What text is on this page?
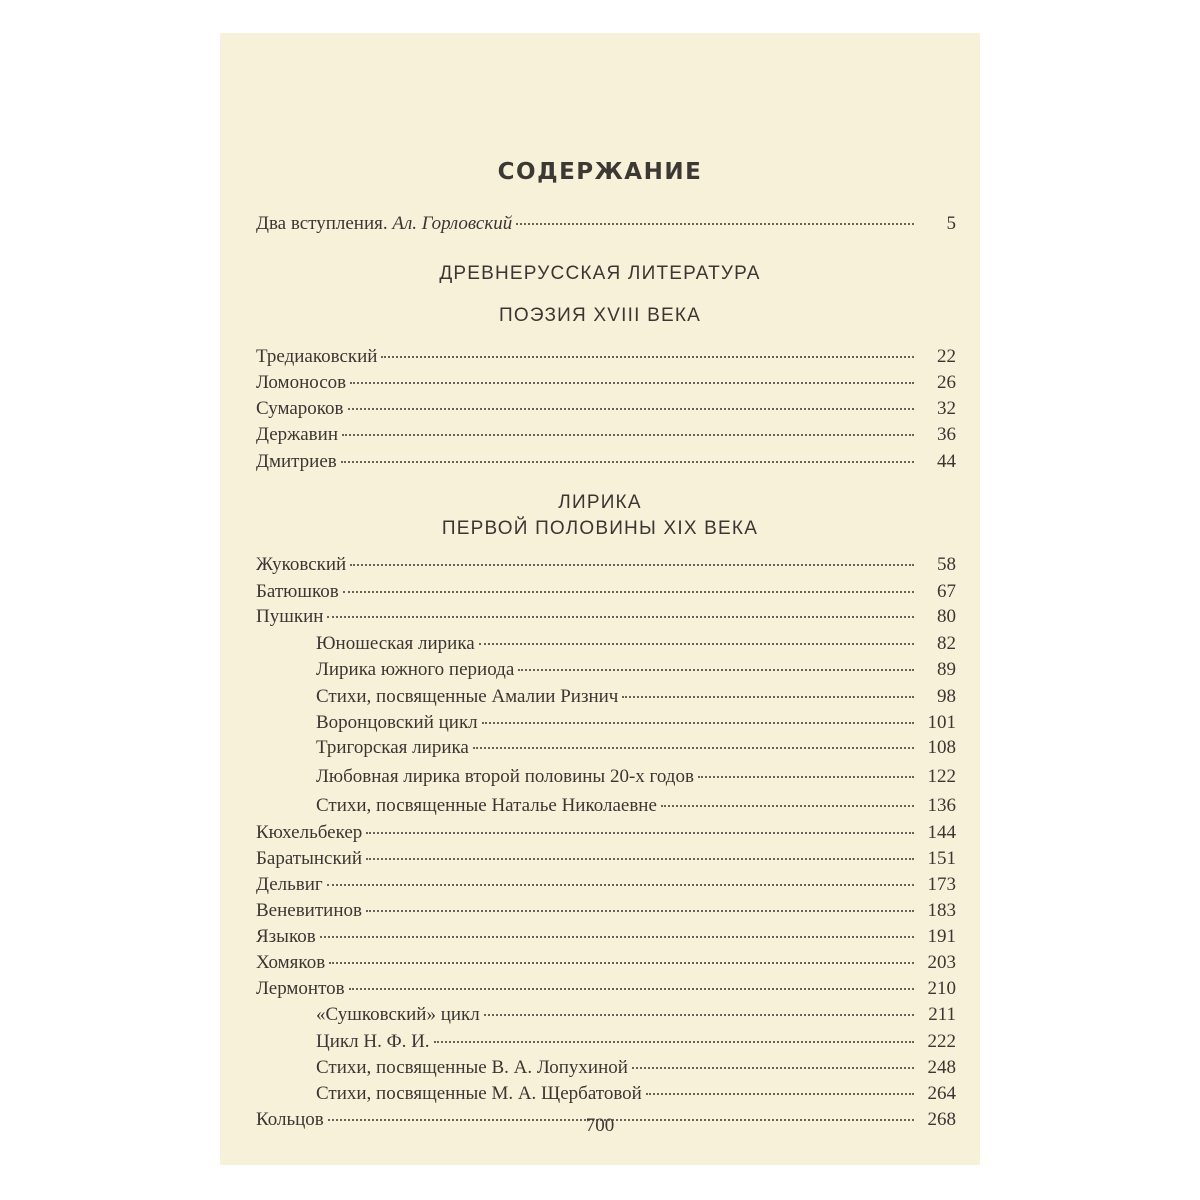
СОДЕРЖАНИЕ
Два вступления. Ал. Горловский	5
ДРЕВНЕРУССКАЯ ЛИТЕРАТУРА
ПОЭЗИЯ XVIII ВЕКА
Тредиаковский	22
Ломоносов	26
Сумароков	32
Державин	36
Дмитриев	44
ЛИРИКА
ПЕРВОЙ ПОЛОВИНЫ XIX ВЕКА
Жуковский	58
Батюшков	67
Пушкин	80
Юношеская лирика	82
Лирика южного периода	89
Стихи, посвященные Амалии Ризнич	98
Воронцовский цикл	101
Тригорская лирика	108
Любовная лирика второй половины 20-х годов	122
Стихи, посвященные Наталье Николаевне	136
Кюхельбекер	144
Баратынский	151
Дельвиг	173
Веневитинов	183
Языков	191
Хомяков	203
Лермонтов	210
«Сушковский» цикл	211
Цикл Н. Ф. И.	222
Стихи, посвященные В. А. Лопухиной	248
Стихи, посвященные М. А. Щербатовой	264
Кольцов	268
700
